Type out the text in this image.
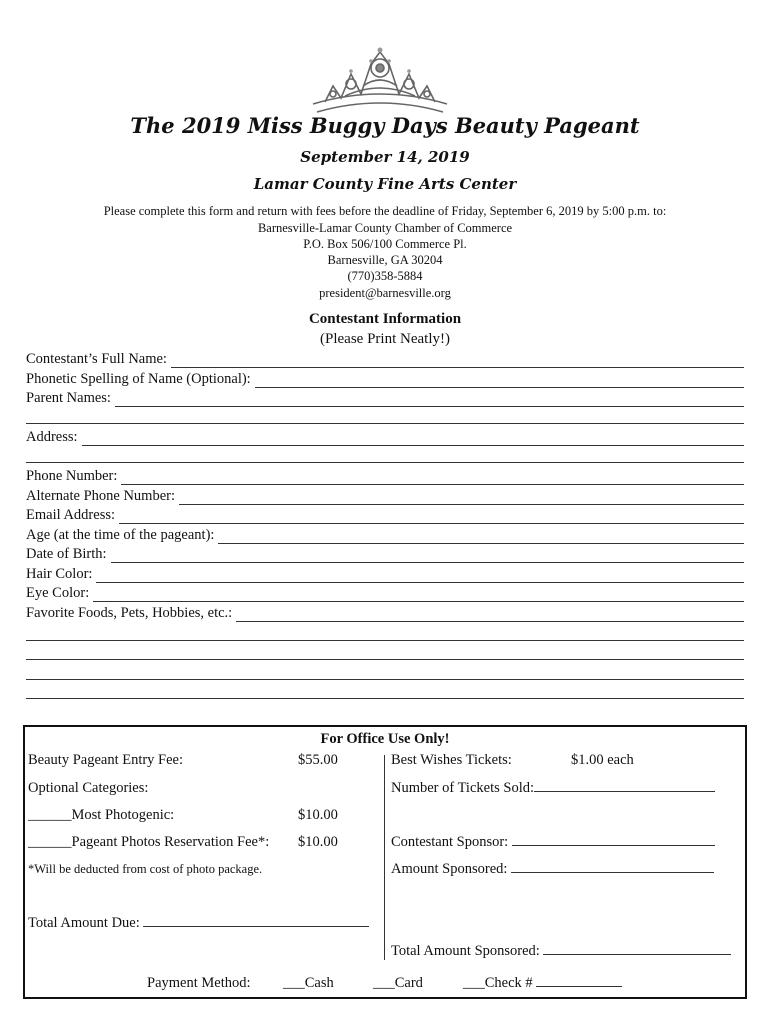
The 2019 Miss Buggy Days Beauty Pageant
September 14, 2019
Lamar County Fine Arts Center
Please complete this form and return with fees before the deadline of Friday, September 6, 2019 by 5:00 p.m. to:
Barnesville-Lamar County Chamber of Commerce
P.O. Box 506/100 Commerce Pl.
Barnesville, GA 30204
(770)358-5884
president@barnesville.org
Contestant Information
(Please Print Neatly!)
Contestant’s Full Name:
Phonetic Spelling of Name (Optional):
Parent Names:
Address:
Phone Number:
Alternate Phone Number:
Email Address:
Age (at the time of the pageant):
Date of Birth:
Hair Color:
Eye Color:
Favorite Foods, Pets, Hobbies, etc.:
For Office Use Only!
Beauty Pageant Entry Fee:	$55.00
Optional Categories:
______Most Photogenic:	$10.00
______Pageant Photos Reservation Fee*: $10.00
*Will be deducted from cost of photo package.
Total Amount Due:
Best Wishes Tickets:	$1.00 each
Number of Tickets Sold:
Contestant Sponsor:
Amount Sponsored:
Total Amount Sponsored:
Payment Method: ___Cash	___Card	___Check #
